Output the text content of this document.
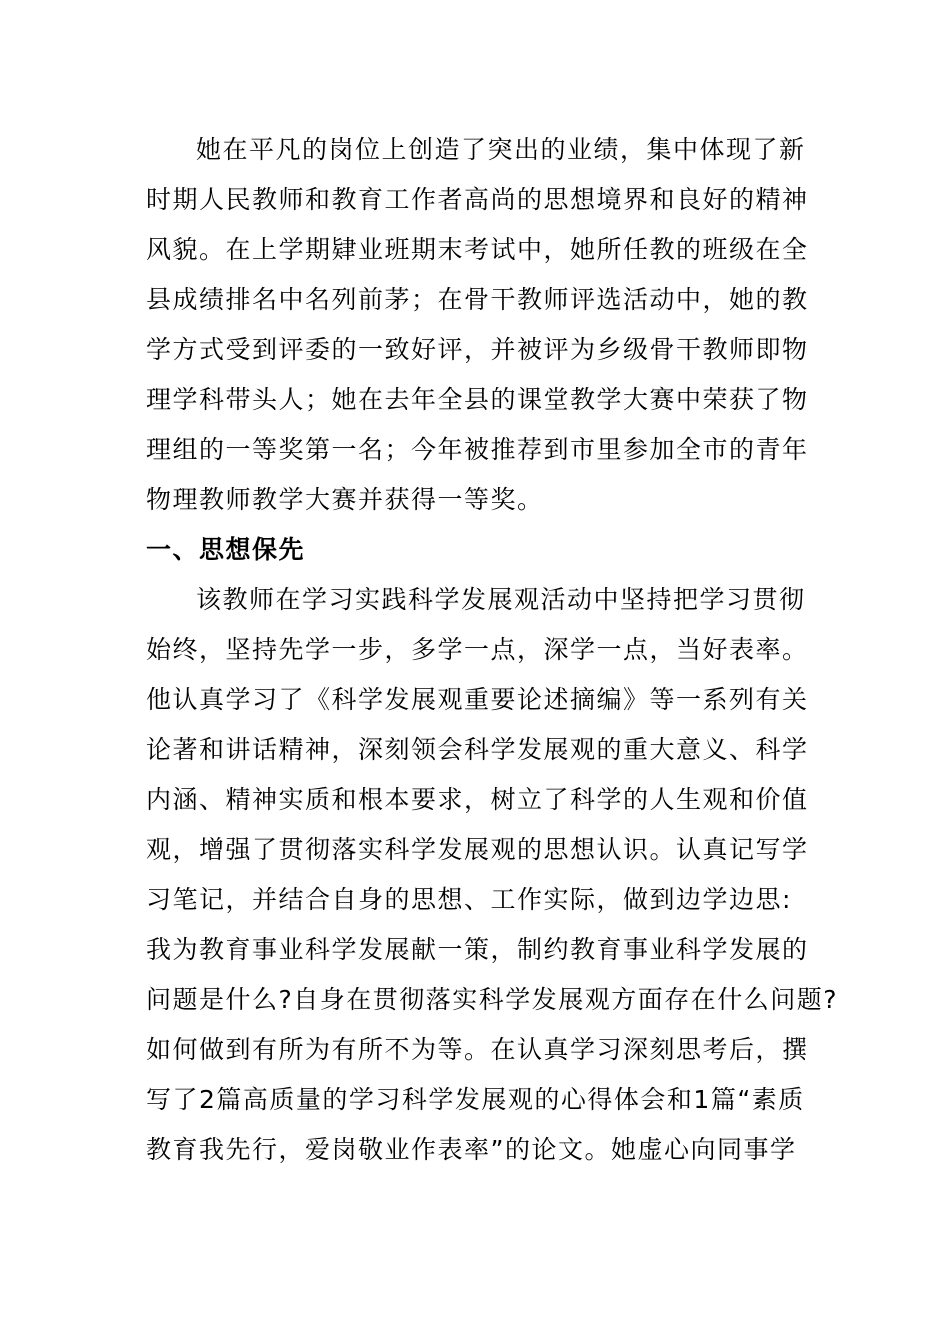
她在平凡的岗位上创造了突出的业绩，集中体现了新
时期人民教师和教育工作者高尚的思想境界和良好的精神
风貌。在上学期肄业班期末考试中，她所任教的班级在全
县成绩排名中名列前茅；在骨干教师评选活动中，她的教
学方式受到评委的一致好评，并被评为乡级骨干教师即物
理学科带头人；她在去年全县的课堂教学大赛中荣获了物
理组的一等奖第一名；今年被推荐到市里参加全市的青年
物理教师教学大赛并获得一等奖。
一、思想保先
该教师在学习实践科学发展观活动中坚持把学习贯彻
始终，坚持先学一步，多学一点，深学一点，当好表率。
他认真学习了《科学发展观重要论述摘编》等一系列有关
论著和讲话精神，深刻领会科学发展观的重大意义、科学
内涵、精神实质和根本要求，树立了科学的人生观和价值
观，增强了贯彻落实科学发展观的思想认识。认真记写学
习笔记，并结合自身的思想、工作实际，做到边学边思:
我为教育事业科学发展献一策，制约教育事业科学发展的
问题是什么?自身在贯彻落实科学发展观方面存在什么问题?
如何做到有所为有所不为等。在认真学习深刻思考后，撰
写了2篇高质量的学习科学发展观的心得体会和1篇“素质
教育我先行，爱岗敬业作表率”的论文。她虚心向同事学
